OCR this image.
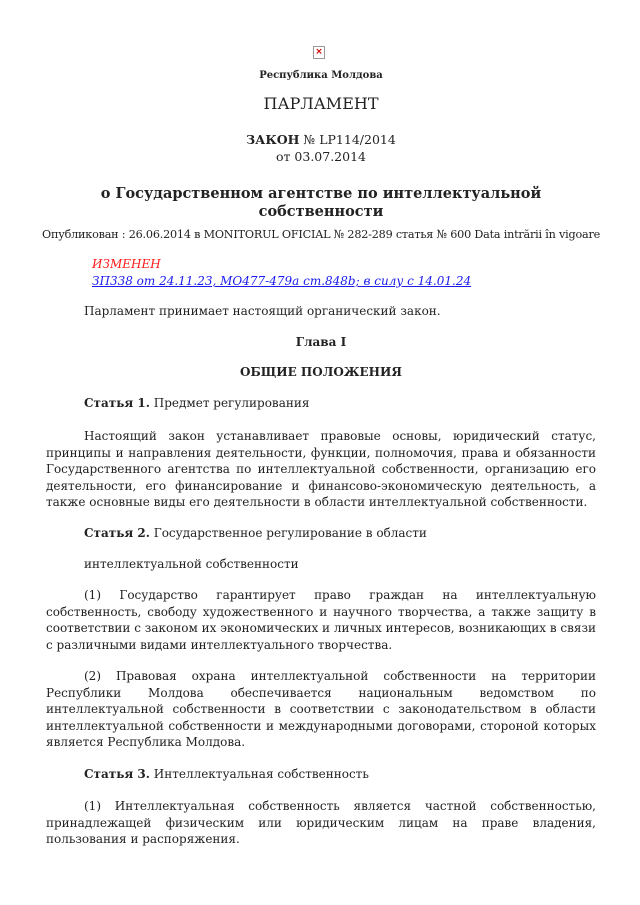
×
Республика Молдова
ПАРЛАМЕНТ
ЗАКОН № LP114/2014
от 03.07.2014
о Государственном агентстве по интеллектуальной собственности
Опубликован : 26.06.2014 в MONITORUL OFICIAL № 282-289 статья № 600 Data intrării în vigoare
ИЗМЕНЕН
ЗП338 от 24.11.23, MO477-479a ст.848b; в силу с 14.01.24
Парламент принимает настоящий органический закон.
Глава I
ОБЩИЕ ПОЛОЖЕНИЯ
Статья 1. Предмет регулирования
Настоящий закон устанавливает правовые основы, юридический статус, принципы и направления деятельности, функции, полномочия, права и обязанности Государственного агентства по интеллектуальной собственности, организацию его деятельности, его финансирование и финансово-экономическую деятельность, а также основные виды его деятельности в области интеллектуальной собственности.
Статья 2. Государственное регулирование в области
интеллектуальной собственности
(1) Государство гарантирует право граждан на интеллектуальную собственность, свободу художественного и научного творчества, а также защиту в соответствии с законом их экономических и личных интересов, возникающих в связи с различными видами интеллектуального творчества.
(2) Правовая охрана интеллектуальной собственности на территории Республики Молдова обеспечивается национальным ведомством по интеллектуальной собственности в соответствии с законодательством в области интеллектуальной собственности и международными договорами, стороной которых является Республика Молдова.
Статья 3. Интеллектуальная собственность
(1) Интеллектуальная собственность является частной собственностью, принадлежащей физическим или юридическим лицам на праве владения, пользования и распоряжения.
